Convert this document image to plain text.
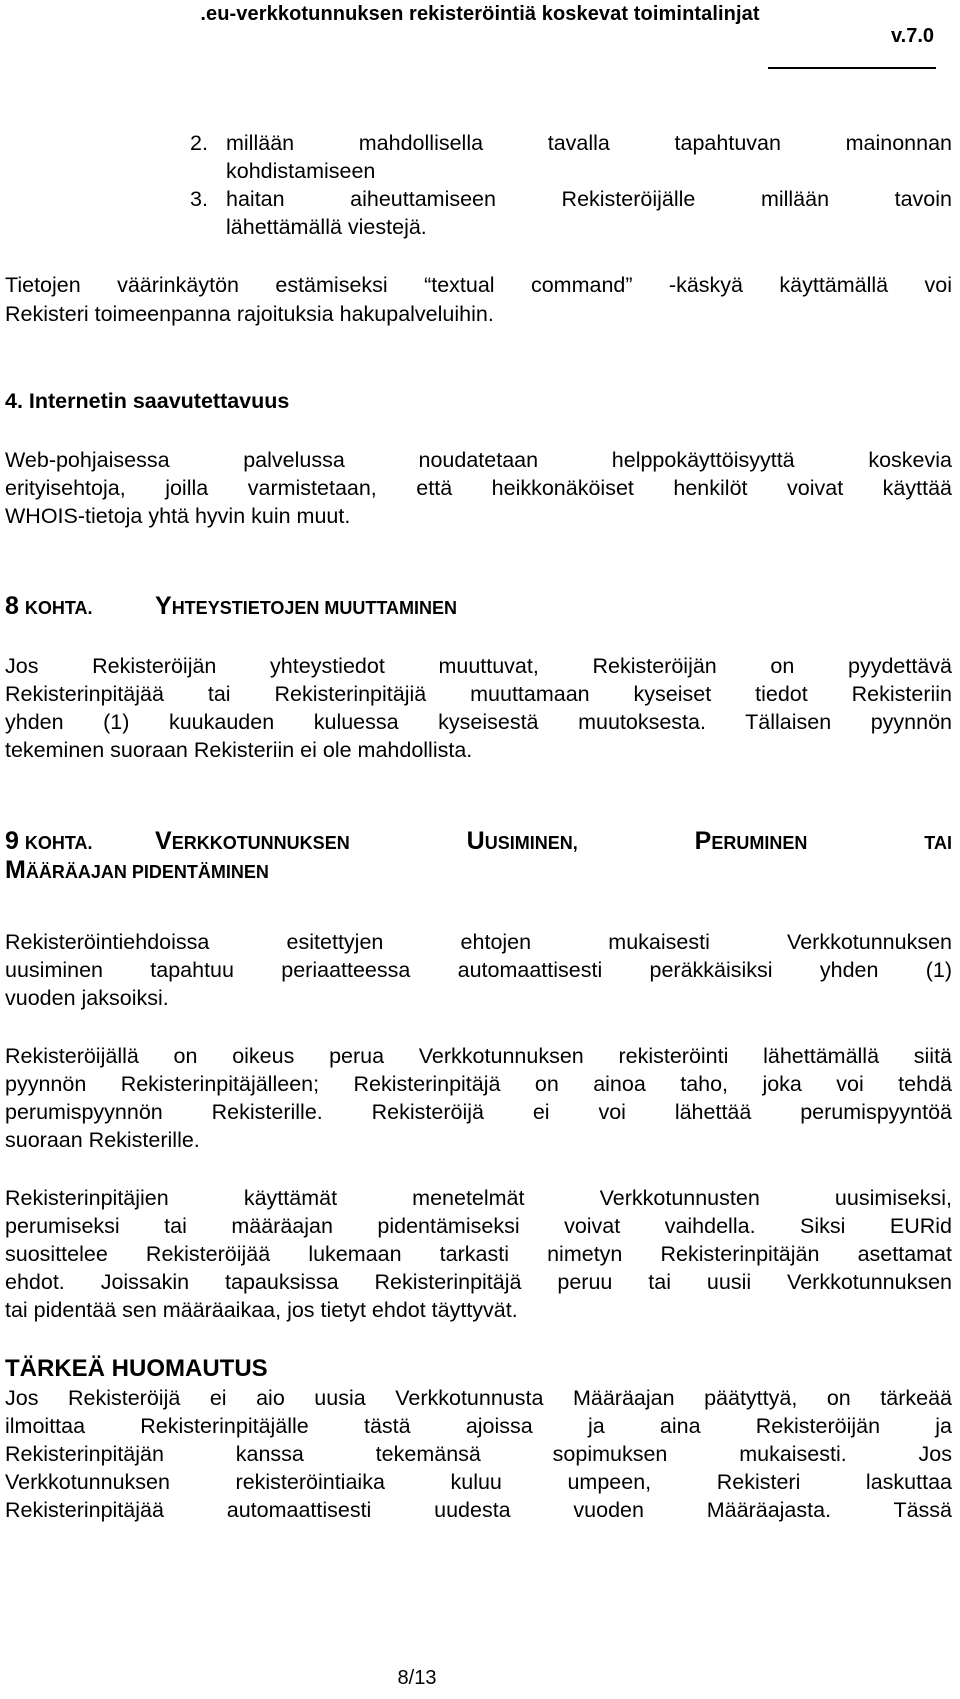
.eu-verkkotunnuksen rekisteröintiä koskevat toimintalinjat
v.7.0
2. millään mahdollisella tavalla tapahtuvan mainonnan
kohdistamiseen
3. haitan aiheuttamiseen Rekisteröijälle millään tavoin
lähettämällä viestejä.
Tietojen väärinkäytön estämiseksi “textual command” -käskyä käyttämällä voi
Rekisteri toimeenpanna rajoituksia hakupalveluihin.
4. Internetin saavutettavuus
Web-pohjaisessa palvelussa noudatetaan helppokäyttöisyyttä koskevia
erityisehtoja, joilla varmistetaan, että heikkonäköiset henkilöt voivat käyttää
WHOIS-tietoja yhtä hyvin kuin muut.
8 KOHTA. YHTEYSTIETOJEN MUUTTAMINEN
Jos Rekisteröijän yhteystiedot muuttuvat, Rekisteröijän on pyydettävä
Rekisterinpitäjää tai Rekisterinpitäjiä muuttamaan kyseiset tiedot Rekisteriin
yhden (1) kuukauden kuluessa kyseisestä muutoksesta. Tällaisen pyynnön
tekeminen suoraan Rekisteriin ei ole mahdollista.
9 KOHTA. VERKKOTUNNUKSEN	UUSIMINEN,	PERUMINEN	TAI
MÄÄRÄAJAN PIDENTÄMINEN
Rekisteröintiehdoissa esitettyjen ehtojen mukaisesti Verkkotunnuksen
uusiminen tapahtuu periaatteessa automaattisesti peräkkäisiksi yhden (1)
vuoden jaksoiksi.
Rekisteröijällä on oikeus perua Verkkotunnuksen rekisteröinti lähettämällä siitä
pyynnön Rekisterinpitäjälleen; Rekisterinpitäjä on ainoa taho, joka voi tehdä
perumispyynnön Rekisterille. Rekisteröijä ei voi lähettää perumispyyntöä
suoraan Rekisterille.
Rekisterinpitäjien käyttämät menetelmät Verkkotunnusten uusimiseksi,
perumiseksi tai määräajan pidentämiseksi voivat vaihdella. Siksi EURid
suosittelee Rekisteröijää lukemaan tarkasti nimetyn Rekisterinpitäjän asettamat
ehdot. Joissakin tapauksissa Rekisterinpitäjä peruu tai uusii Verkkotunnuksen
tai pidentää sen määräaikaa, jos tietyt ehdot täyttyvät.
TÄRKEÄ HUOMAUTUS
Jos Rekisteröijä ei aio uusia Verkkotunnusta Määräajan päätyttyä, on tärkeää
ilmoittaa Rekisterinpitäjälle tästä ajoissa ja aina Rekisteröijän ja
Rekisterinpitäjän kanssa tekemänsä sopimuksen mukaisesti. Jos
Verkkotunnuksen rekisteröintiaika kuluu umpeen, Rekisteri laskuttaa
Rekisterinpitäjää automaattisesti uudesta vuoden Määräajasta. Tässä
8/13
